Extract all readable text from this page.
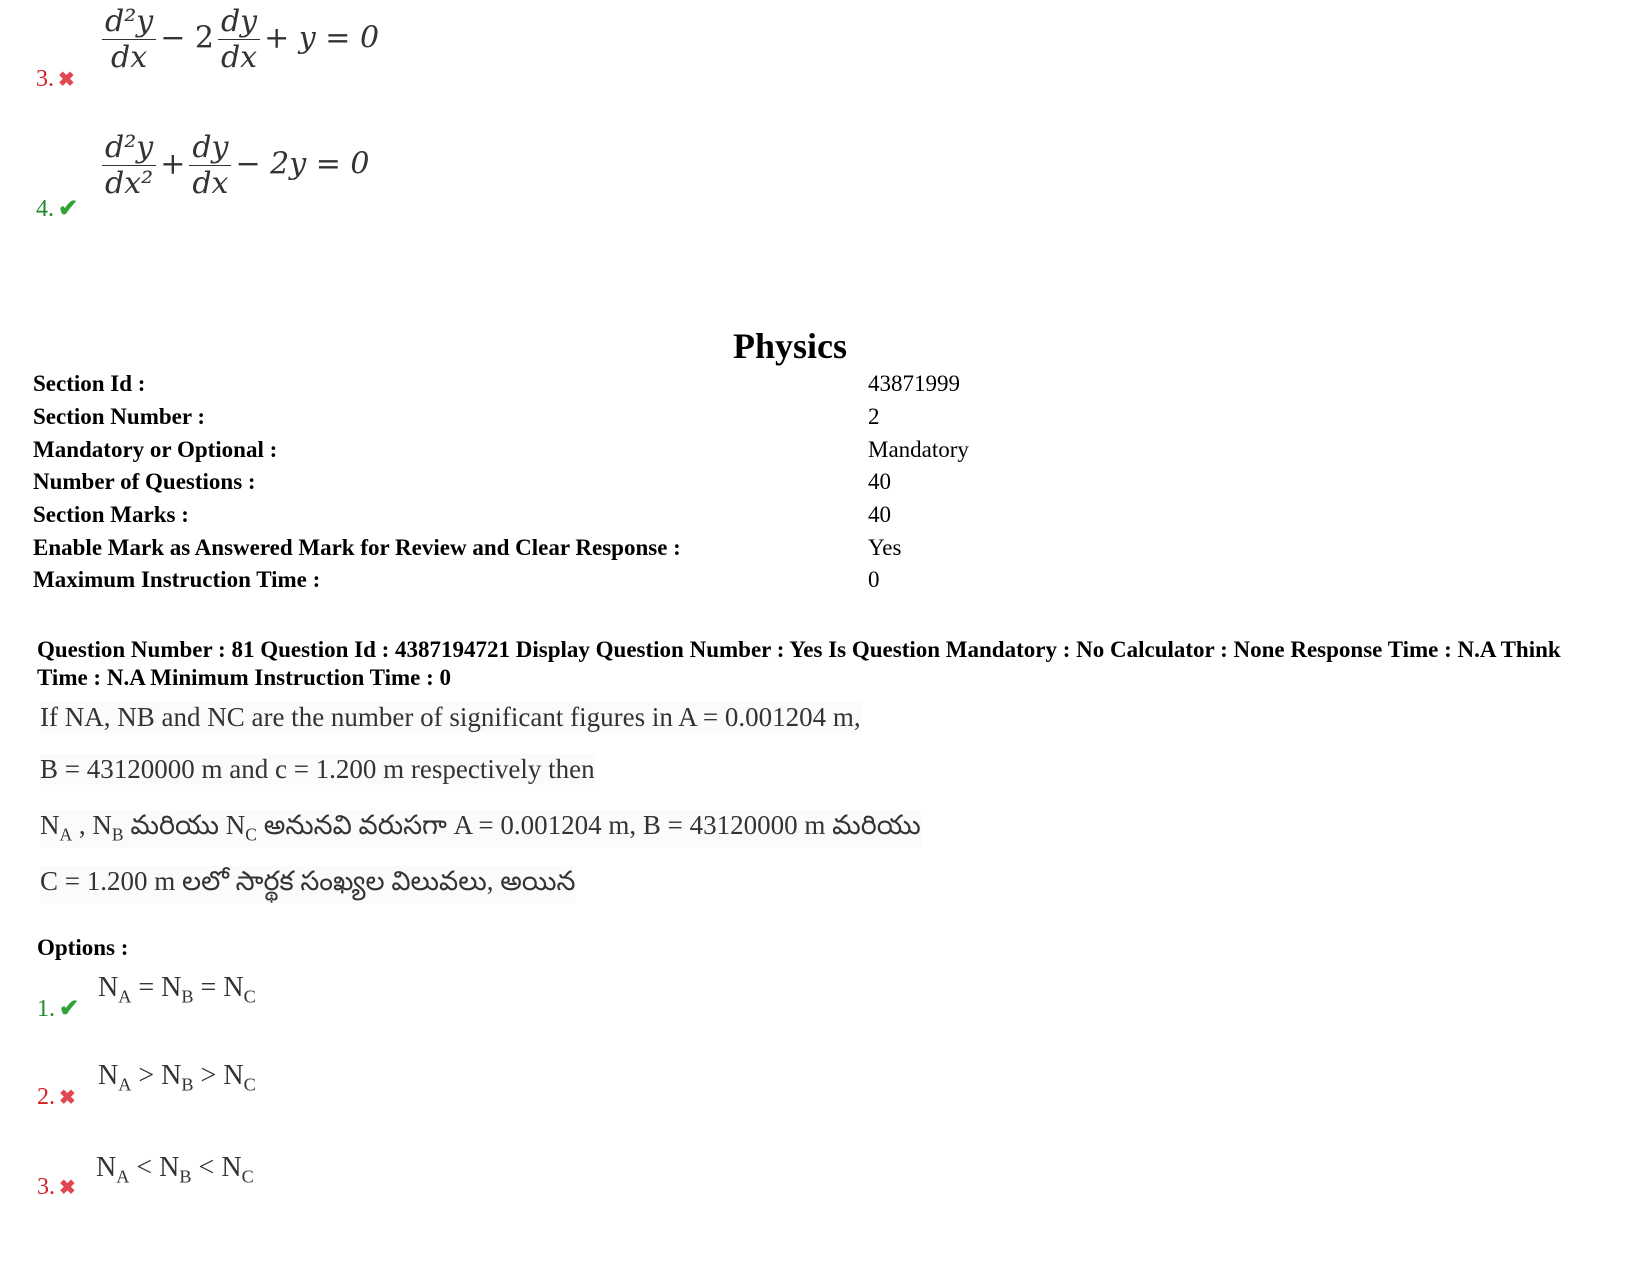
3. ✖
$\frac{\text{d²y}}{dx} - 2 \frac{dy}{dx} + y = 0$
4. ✔
$\frac{\text{d²y}}{\text{dx²}} + \frac{dy}{dx} - 2y = 0$
Physics
Section Id :	43871999
Section Number :	2
Mandatory or Optional :	Mandatory
Number of Questions :	40
Section Marks :	40
Enable Mark as Answered Mark for Review and Clear Response :	Yes
Maximum Instruction Time :	0
Question Number : 81 Question Id : 4387194721 Display Question Number : Yes Is Question Mandatory : No Calculator : None Response Time : N.A Think Time : N.A Minimum Instruction Time : 0
If NA, NB and NC are the number of significant figures in A = 0.001204 m,
B = 43120000 m and c = 1.200 m respectively then
$N_A$ , $N_B$ మరియు $N_C$ అనునవి వరుసగా A = 0.001204 m, B = 43120000 m మరియు
C = 1.200 m లలో సార్థక సంఖ్యల విలువలు, అయిన
Options :
1. ✔
$N_A = N_B = N_C$
2. ✖
$N_A > N_B > N_C$
3. ✖
$N_A < N_B < N_C$
